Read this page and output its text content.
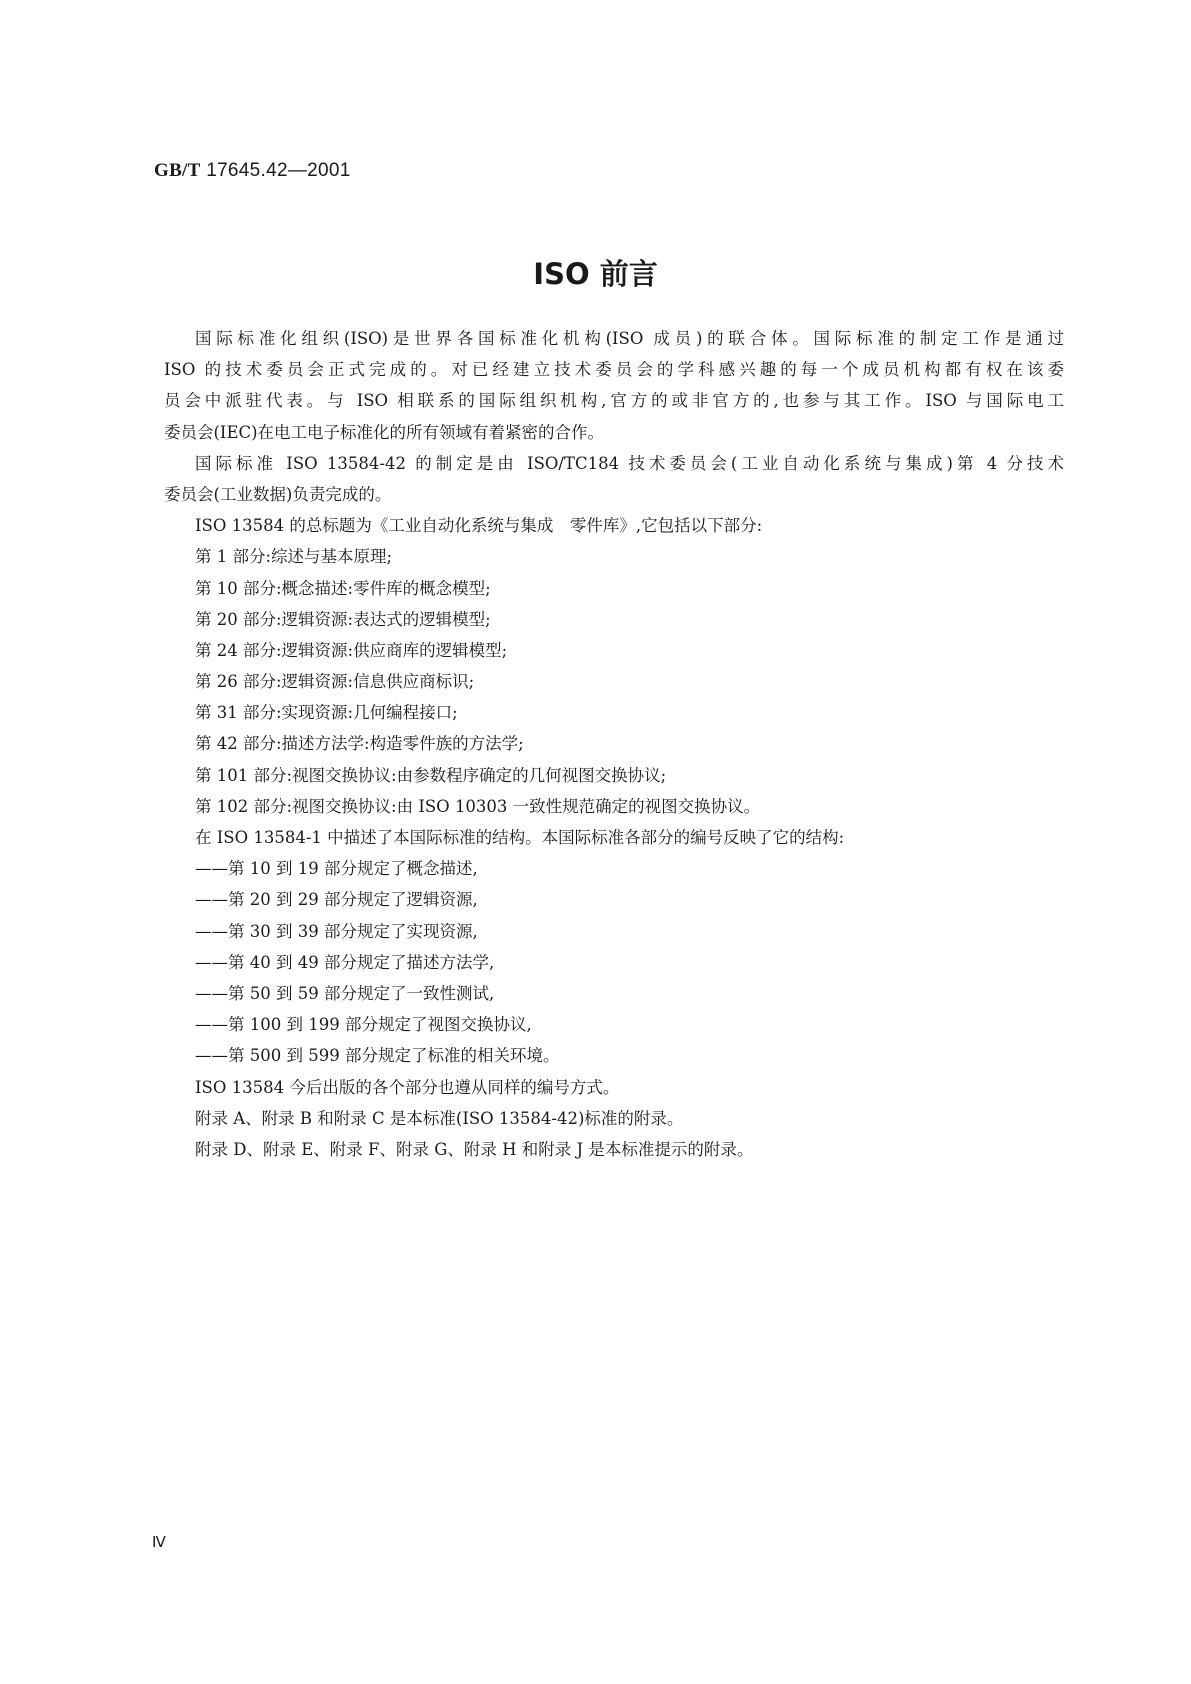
GB/T 17645.42—2001
ISO 前言
国际标准化组织(ISO)是世界各国标准化机构(ISO 成员)的联合体。国际标准的制定工作是通过
ISO 的技术委员会正式完成的。对已经建立技术委员会的学科感兴趣的每一个成员机构都有权在该委
员会中派驻代表。与 ISO 相联系的国际组织机构,官方的或非官方的,也参与其工作。ISO 与国际电工
委员会(IEC)在电工电子标准化的所有领域有着紧密的合作。
国际标准 ISO 13584-42 的制定是由 ISO/TC184 技术委员会(工业自动化系统与集成)第 4 分技术
委员会(工业数据)负责完成的。
ISO 13584 的总标题为《工业自动化系统与集成　零件库》,它包括以下部分:
第 1 部分:综述与基本原理;
第 10 部分:概念描述:零件库的概念模型;
第 20 部分:逻辑资源:表达式的逻辑模型;
第 24 部分:逻辑资源:供应商库的逻辑模型;
第 26 部分:逻辑资源:信息供应商标识;
第 31 部分:实现资源:几何编程接口;
第 42 部分:描述方法学:构造零件族的方法学;
第 101 部分:视图交换协议:由参数程序确定的几何视图交换协议;
第 102 部分:视图交换协议:由 ISO 10303 一致性规范确定的视图交换协议。
在 ISO 13584-1 中描述了本国际标准的结构。本国际标准各部分的编号反映了它的结构:
——第 10 到 19 部分规定了概念描述,
——第 20 到 29 部分规定了逻辑资源,
——第 30 到 39 部分规定了实现资源,
——第 40 到 49 部分规定了描述方法学,
——第 50 到 59 部分规定了一致性测试,
——第 100 到 199 部分规定了视图交换协议,
——第 500 到 599 部分规定了标准的相关环境。
ISO 13584 今后出版的各个部分也遵从同样的编号方式。
附录 A、附录 B 和附录 C 是本标准(ISO 13584-42)标准的附录。
附录 D、附录 E、附录 F、附录 G、附录 H 和附录 J 是本标准提示的附录。
Ⅳ
